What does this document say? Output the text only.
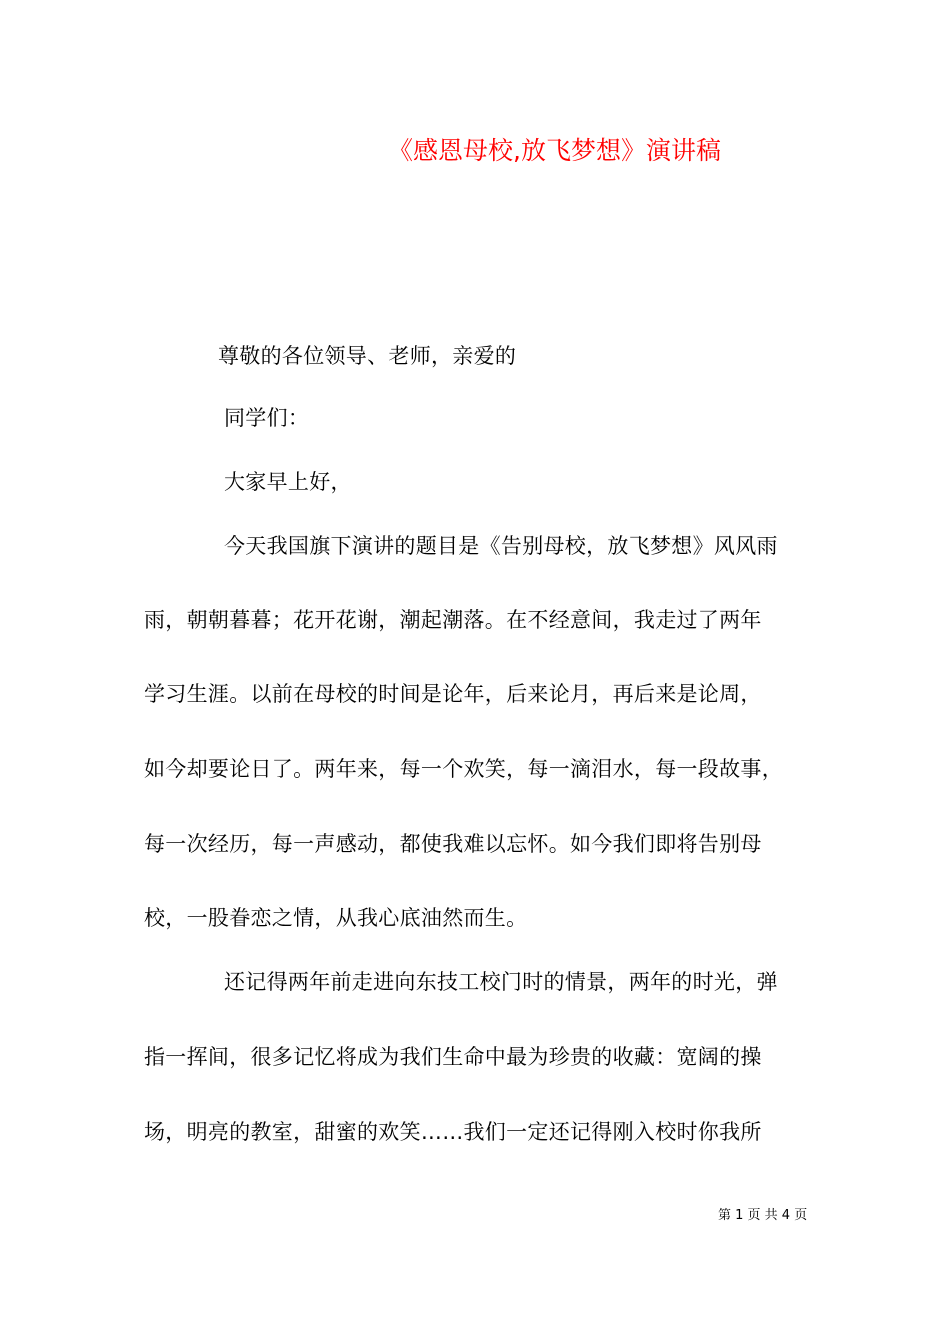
《感恩母校,放飞梦想》演讲稿
尊敬的各位领导、老师，亲爱的
同学们：
大家早上好，
今天我国旗下演讲的题目是《告别母校，放飞梦想》风风雨
雨，朝朝暮暮；花开花谢，潮起潮落。在不经意间，我走过了两年
学习生涯。以前在母校的时间是论年，后来论月，再后来是论周，
如今却要论日了。两年来，每一个欢笑，每一滴泪水，每一段故事，
每一次经历，每一声感动，都使我难以忘怀。如今我们即将告别母
校，一股眷恋之情，从我心底油然而生。
还记得两年前走进向东技工校门时的情景，两年的时光，弹
指一挥间，很多记忆将成为我们生命中最为珍贵的收藏：宽阔的操
场，明亮的教室，甜蜜的欢笑……我们一定还记得刚入校时你我所
第 1 页 共 4 页
